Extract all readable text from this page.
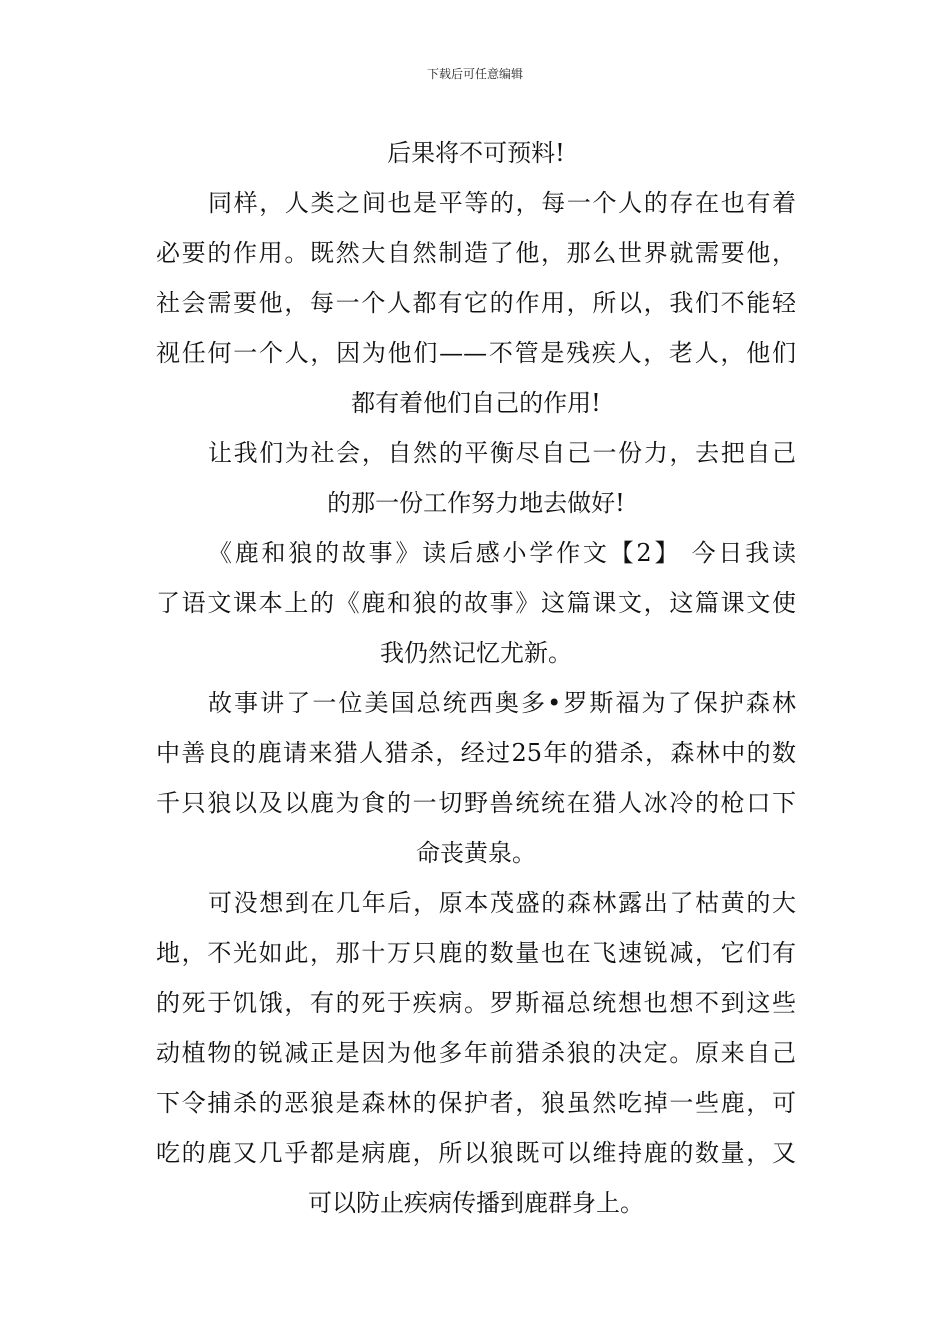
下载后可任意编辑
后果将不可预料!
同样，人类之间也是平等的，每一个人的存在也有着
必要的作用。既然大自然制造了他，那么世界就需要他，
社会需要他，每一个人都有它的作用，所以，我们不能轻
视任何一个人，因为他们——不管是残疾人，老人，他们
都有着他们自己的作用!
让我们为社会，自然的平衡尽自己一份力，去把自己
的那一份工作努力地去做好!
《鹿和狼的故事》读后感小学作文【2】 今日我读
了语文课本上的《鹿和狼的故事》这篇课文，这篇课文使
我仍然记忆尤新。
故事讲了一位美国总统西奥多•罗斯福为了保护森林
中善良的鹿请来猎人猎杀，经过25年的猎杀，森林中的数
千只狼以及以鹿为食的一切野兽统统在猎人冰冷的枪口下
命丧黄泉。
可没想到在几年后，原本茂盛的森林露出了枯黄的大
地，不光如此，那十万只鹿的数量也在飞速锐减，它们有
的死于饥饿，有的死于疾病。罗斯福总统想也想不到这些
动植物的锐减正是因为他多年前猎杀狼的决定。原来自己
下令捕杀的恶狼是森林的保护者，狼虽然吃掉一些鹿，可
吃的鹿又几乎都是病鹿，所以狼既可以维持鹿的数量，又
可以防止疾病传播到鹿群身上。
